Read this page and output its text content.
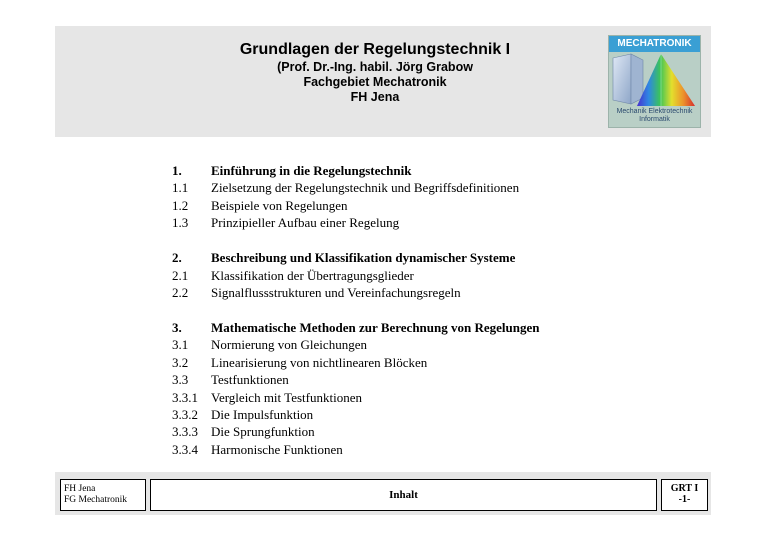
Grundlagen der Regelungstechnik I
(Prof. Dr.-Ing. habil. Jörg Grabow
Fachgebiet Mechatronik
FH Jena
MECHATRONIK
Mechanik Elektrotechnik
Informatik
1.	Einführung in die Regelungstechnik
1.1	Zielsetzung der Regelungstechnik und Begriffsdefinitionen
1.2	Beispiele von Regelungen
1.3	Prinzipieller Aufbau einer Regelung
2.	Beschreibung und Klassifikation dynamischer Systeme
2.1	Klassifikation der Übertragungsglieder
2.2	Signalflussstrukturen und Vereinfachungsregeln
3.	Mathematische Methoden zur Berechnung von Regelungen
3.1	Normierung von Gleichungen
3.2	Linearisierung von nichtlinearen Blöcken
3.3	Testfunktionen
3.3.1	Vergleich mit Testfunktionen
3.3.2	Die Impulsfunktion
3.3.3	Die Sprungfunktion
3.3.4	Harmonische Funktionen
FH Jena
FG Mechatronik	Inhalt
GRT I
-1-
